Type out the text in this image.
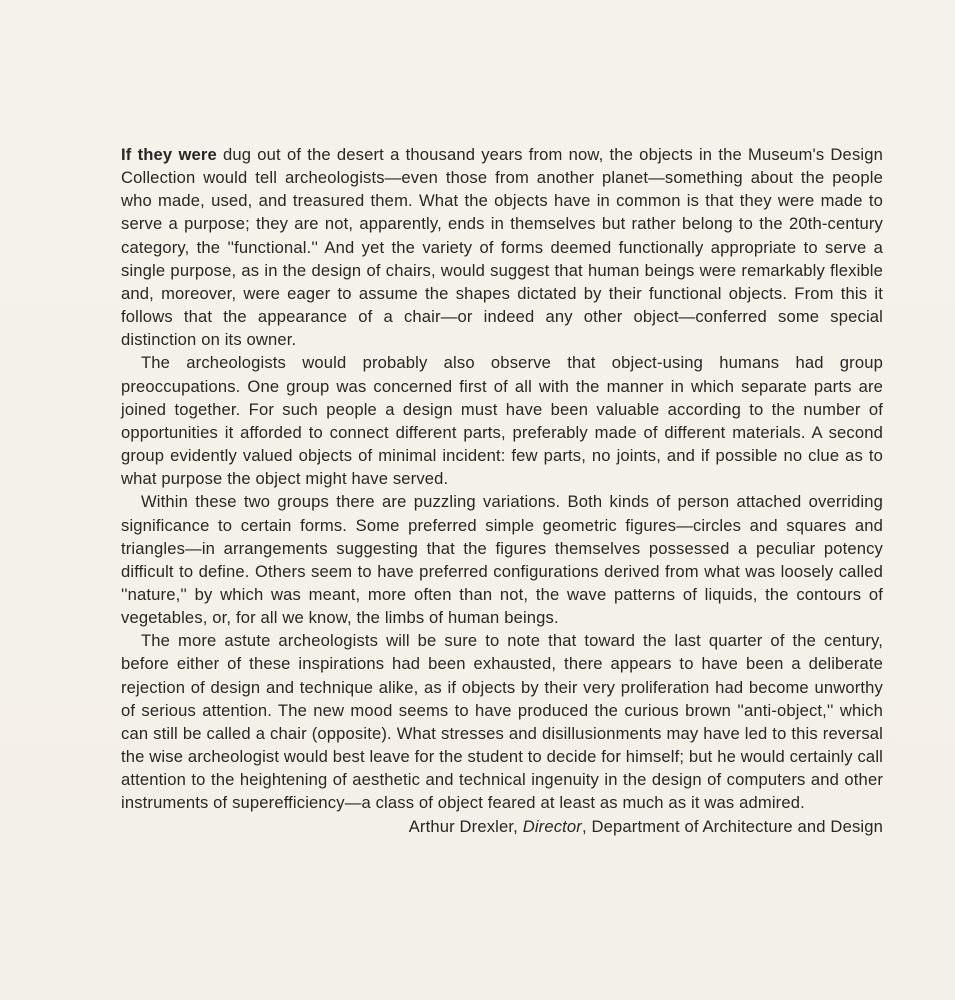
If they were dug out of the desert a thousand years from now, the objects in the Museum's Design Collection would tell archeologists—even those from another planet—something about the people who made, used, and treasured them. What the objects have in common is that they were made to serve a purpose; they are not, apparently, ends in themselves but rather belong to the 20th-century category, the ''functional.'' And yet the variety of forms deemed functionally appropriate to serve a single purpose, as in the design of chairs, would suggest that human beings were remarkably flexible and, moreover, were eager to assume the shapes dictated by their functional objects. From this it follows that the appearance of a chair—or indeed any other object—conferred some special distinction on its owner.

The archeologists would probably also observe that object-using humans had group preoccupations. One group was concerned first of all with the manner in which separate parts are joined together. For such people a design must have been valuable according to the number of opportunities it afforded to connect different parts, preferably made of different materials. A second group evidently valued objects of minimal incident: few parts, no joints, and if possible no clue as to what purpose the object might have served.

Within these two groups there are puzzling variations. Both kinds of person attached overriding significance to certain forms. Some preferred simple geometric figures—circles and squares and triangles—in arrangements suggesting that the figures themselves possessed a peculiar potency difficult to define. Others seem to have preferred configurations derived from what was loosely called ''nature,'' by which was meant, more often than not, the wave patterns of liquids, the contours of vegetables, or, for all we know, the limbs of human beings.

The more astute archeologists will be sure to note that toward the last quarter of the century, before either of these inspirations had been exhausted, there appears to have been a deliberate rejection of design and technique alike, as if objects by their very proliferation had become unworthy of serious attention. The new mood seems to have produced the curious brown ''anti-object,'' which can still be called a chair (opposite). What stresses and disillusionments may have led to this reversal the wise archeologist would best leave for the student to decide for himself; but he would certainly call attention to the heightening of aesthetic and technical ingenuity in the design of computers and other instruments of superefficiency—a class of object feared at least as much as it was admired.

Arthur Drexler, Director, Department of Architecture and Design
